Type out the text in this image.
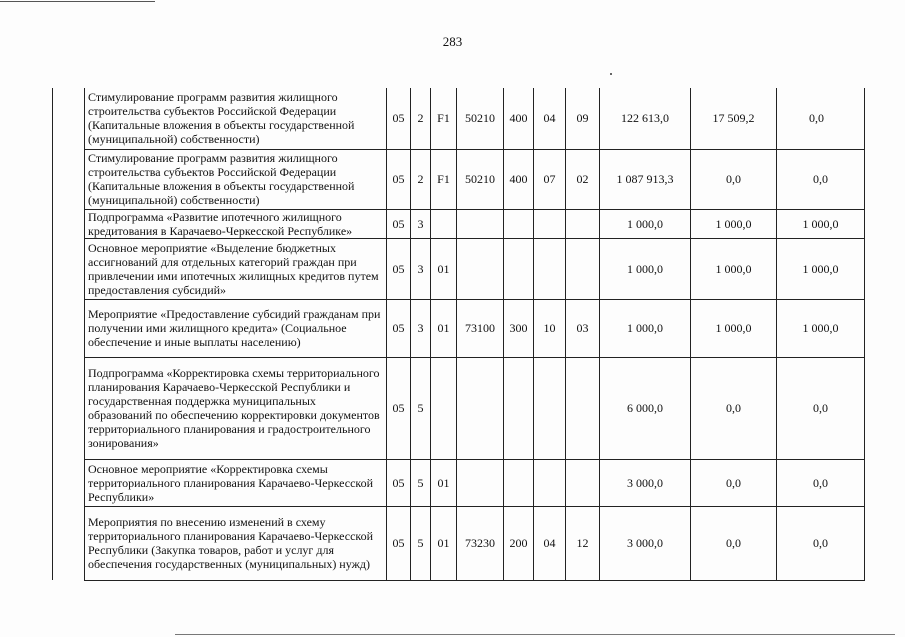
283
	Стимулирование программ развития жилищного строительства субъектов Российской Федерации (Капитальные вложения в объекты государственной (муниципальной) собственности)	05	2	F1	50210	400	04	09	122 613,0	17 509,2	0,0
	Стимулирование программ развития жилищного строительства субъектов Российской Федерации (Капитальные вложения в объекты государственной (муниципальной) собственности)	05	2	F1	50210	400	07	02	1 087 913,3	0,0	0,0
	Подпрограмма «Развитие ипотечного жилищного кредитования в Карачаево-Черкесской Республике»	05	3						1 000,0	1 000,0	1 000,0
	Основное мероприятие «Выделение бюджетных ассигнований для отдельных категорий граждан при привлечении ими ипотечных жилищных кредитов путем предоставления субсидий»	05	3	01					1 000,0	1 000,0	1 000,0
	Мероприятие «Предоставление субсидий гражданам при получении ими жилищного кредита» (Социальное обеспечение и иные выплаты населению)	05	3	01	73100	300	10	03	1 000,0	1 000,0	1 000,0
	Подпрограмма «Корректировка схемы территориального планирования Карачаево-Черкесской Республики и государственная поддержка муниципальных образований по обеспечению корректировки документов территориального планирования и градостроительного зонирования»	05	5						6 000,0	0,0	0,0
	Основное мероприятие «Корректировка схемы территориального планирования Карачаево-Черкесской Республики»	05	5	01					3 000,0	0,0	0,0
	Мероприятия по внесению изменений в схему территориального планирования Карачаево-Черкесской Республики (Закупка товаров, работ и услуг для обеспечения государственных (муниципальных) нужд)	05	5	01	73230	200	04	12	3 000,0	0,0	0,0
